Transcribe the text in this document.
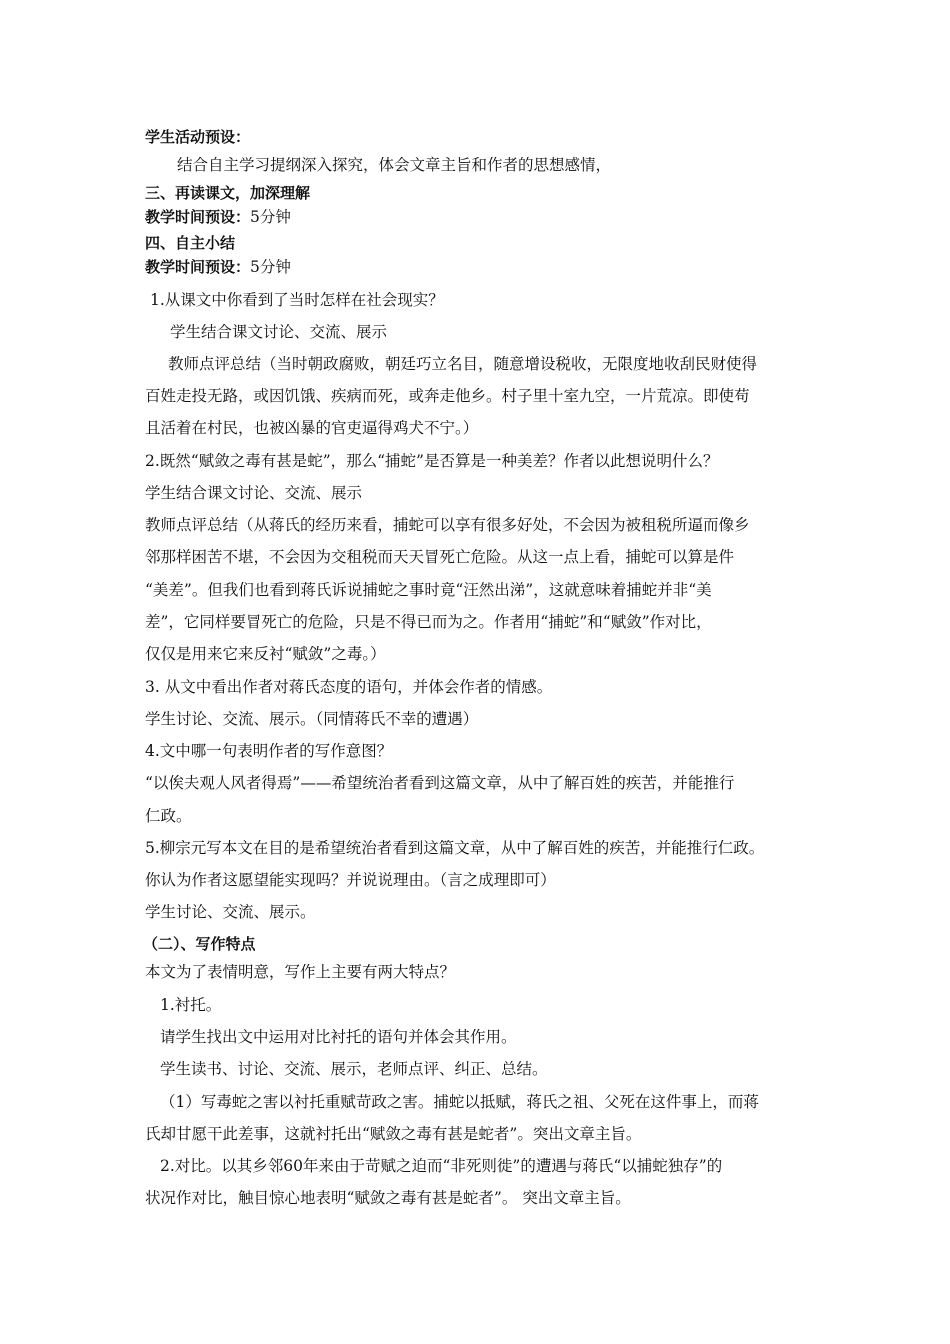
学生活动预设：
结合自主学习提纲深入探究，体会文章主旨和作者的思想感情，
三、再读课文，加深理解
教学时间预设：5分钟
四、自主小结
教学时间预设：5分钟
1.从课文中你看到了当时怎样在社会现实？
学生结合课文讨论、交流、展示
教师点评总结（当时朝政腐败，朝廷巧立名目，随意增设税收，无限度地收刮民财使得
百姓走投无路，或因饥饿、疾病而死，或奔走他乡。村子里十室九空，一片荒凉。即使苟
且活着在村民，也被凶暴的官吏逼得鸡犬不宁。）
2.既然“赋敛之毒有甚是蛇”，那么“捕蛇”是否算是一种美差？作者以此想说明什么？
学生结合课文讨论、交流、展示
教师点评总结（从蒋氏的经历来看，捕蛇可以享有很多好处，不会因为被租税所逼而像乡
邻那样困苦不堪，不会因为交租税而天天冒死亡危险。从这一点上看，捕蛇可以算是件
“美差”。但我们也看到蒋氏诉说捕蛇之事时竟“汪然出涕”，这就意味着捕蛇并非“美
差”，它同样要冒死亡的危险，只是不得已而为之。作者用“捕蛇”和“赋敛”作对比，
仅仅是用来它来反衬“赋敛”之毒。）
3. 从文中看出作者对蒋氏态度的语句，并体会作者的情感。
学生讨论、交流、展示。（同情蒋氏不幸的遭遇）
4.文中哪一句表明作者的写作意图？
“以俟夫观人风者得焉”——希望统治者看到这篇文章，从中了解百姓的疾苦，并能推行
仁政。
5.柳宗元写本文在目的是希望统治者看到这篇文章，从中了解百姓的疾苦，并能推行仁政。
你认为作者这愿望能实现吗？并说说理由。（言之成理即可）
学生讨论、交流、展示。
（二）、写作特点
本文为了表情明意，写作上主要有两大特点？
1.衬托。
请学生找出文中运用对比衬托的语句并体会其作用。
学生读书、讨论、交流、展示，老师点评、纠正、总结。
（1）写毒蛇之害以衬托重赋苛政之害。捕蛇以抵赋，蒋氏之祖、父死在这件事上，而蒋
氏却甘愿干此差事，这就衬托出“赋敛之毒有甚是蛇者”。突出文章主旨。
2.对比。以其乡邻60年来由于苛赋之迫而“非死则徙”的遭遇与蒋氏“以捕蛇独存”的
状况作对比，触目惊心地表明“赋敛之毒有甚是蛇者”。 突出文章主旨。
